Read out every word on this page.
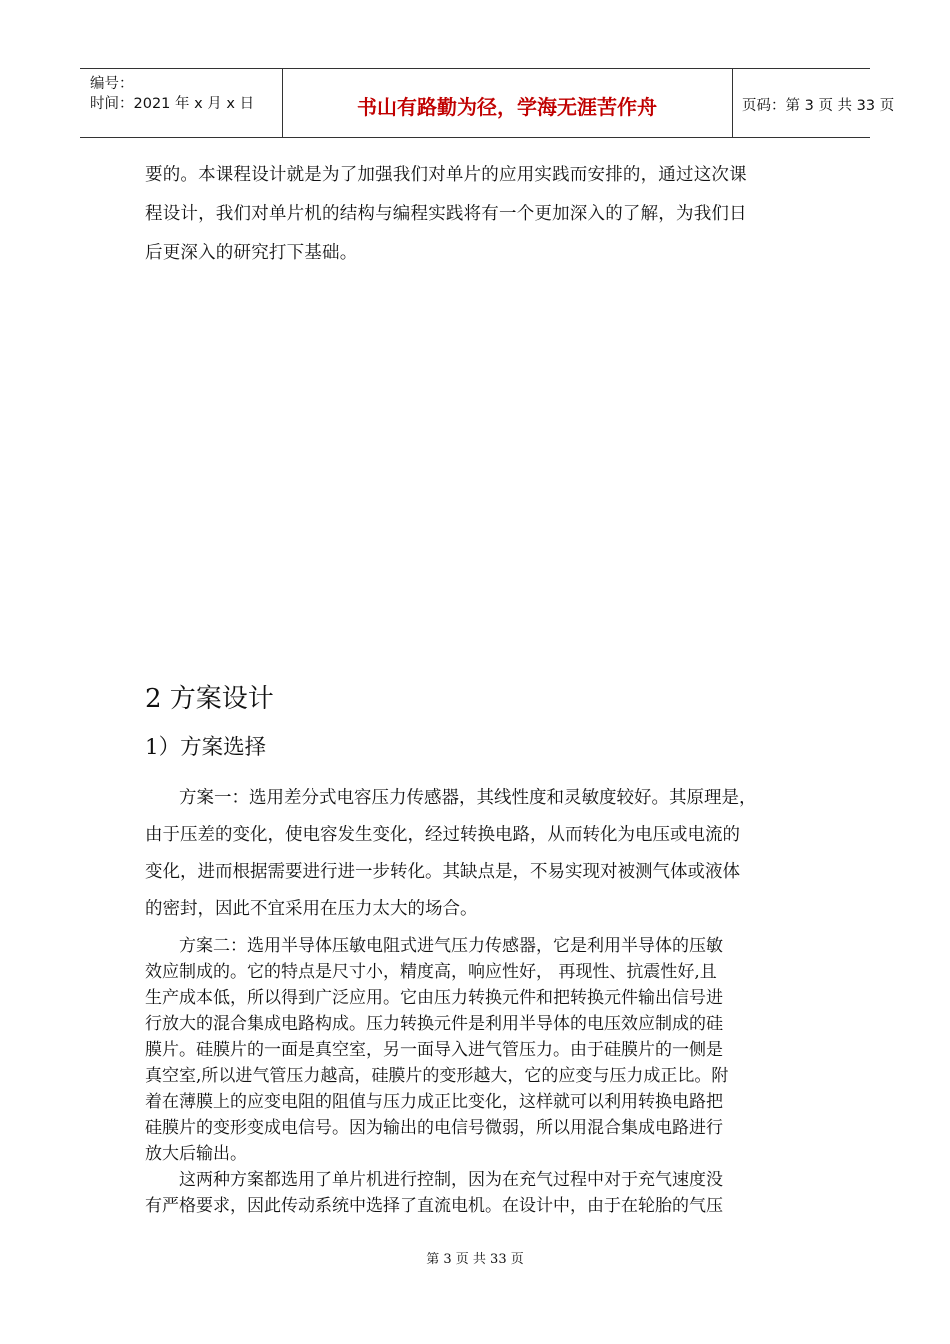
编号：
时间：2021 年 x 月 x 日	书山有路勤为径，学海无涯苦作舟	页码：第 3 页 共 33 页
要的。本课程设计就是为了加强我们对单片的应用实践而安排的，通过这次课
程设计，我们对单片机的结构与编程实践将有一个更加深入的了解，为我们日
后更深入的研究打下基础。
2 方案设计
1）方案选择
方案一：选用差分式电容压力传感器，其线性度和灵敏度较好。其原理是，
由于压差的变化，使电容发生变化，经过转换电路，从而转化为电压或电流的
变化，进而根据需要进行进一步转化。其缺点是，不易实现对被测气体或液体
的密封，因此不宜采用在压力太大的场合。
方案二：选用半导体压敏电阻式进气压力传感器，它是利用半导体的压敏
效应制成的。它的特点是尺寸小，精度高，响应性好， 再现性、抗震性好,且
生产成本低，所以得到广泛应用。它由压力转换元件和把转换元件输出信号进
行放大的混合集成电路构成。压力转换元件是利用半导体的电压效应制成的硅
膜片。硅膜片的一面是真空室，另一面导入进气管压力。由于硅膜片的一侧是
真空室,所以进气管压力越高，硅膜片的变形越大，它的应变与压力成正比。附
着在薄膜上的应变电阻的阻值与压力成正比变化，这样就可以利用转换电路把
硅膜片的变形变成电信号。因为输出的电信号微弱，所以用混合集成电路进行
放大后输出。
这两种方案都选用了单片机进行控制，因为在充气过程中对于充气速度没
有严格要求，因此传动系统中选择了直流电机。在设计中，由于在轮胎的气压
第 3 页 共 33 页
